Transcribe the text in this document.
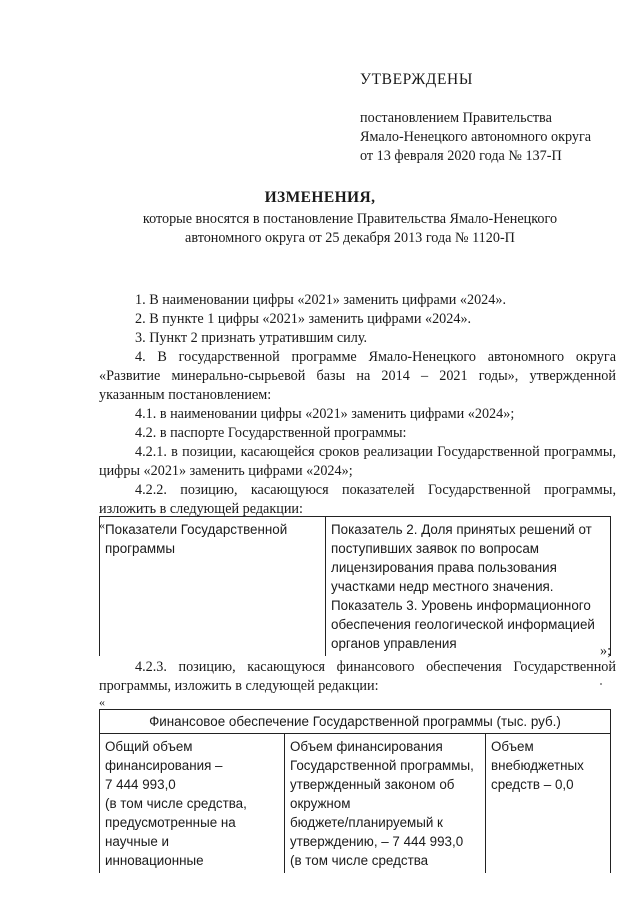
УТВЕРЖДЕНЫ
постановлением Правительства
Ямало-Ненецкого автономного округа
от 13 февраля 2020 года № 137-П
ИЗМЕНЕНИЯ,
которые вносятся в постановление Правительства Ямало-Ненецкого
автономного округа от 25 декабря 2013 года № 1120-П

1. В наименовании цифры «2021» заменить цифрами «2024».

2. В пункте 1 цифры «2021» заменить цифрами «2024».

3. Пункт 2 признать утратившим силу.

4. В государственной программе Ямало-Ненецкого автономного округа «Развитие минерально-сырьевой базы на 2014 – 2021 годы», утвержденной указанным постановлением:

4.1. в наименовании цифры «2021» заменить цифрами «2024»;

4.2. в паспорте Государственной программы:

4.2.1. в позиции, касающейся сроков реализации Государственной программы, цифры «2021» заменить цифрами «2024»;

4.2.2. позицию, касающуюся показателей Государственной программы, изложить в следующей редакции:

« Показатели Государственной программы	
Показатель 2. Доля принятых решений от
поступивших заявок по вопросам
лицензирования права пользования
участками недр местного значения.
Показатель 3. Уровень информационного
обеспечения геологической информацией
органов управления	»;

4.2.3. позицию, касающуюся финансового обеспечения Государственной программы, изложить в следующей редакции:

«
Финансовое обеспечение Государственной программы (тыс. руб.)

Общий объем
финансирования –
7 444 993,0
(в том числе средства,
предусмотренные на
научные и
инновационные

Объем финансирования
Государственной программы,
утвержденный законом об
окружном
бюджете/планируемый к
утверждению, – 7 444 993,0
(в том числе средства

Объем
внебюджетных
средств – 0,0
